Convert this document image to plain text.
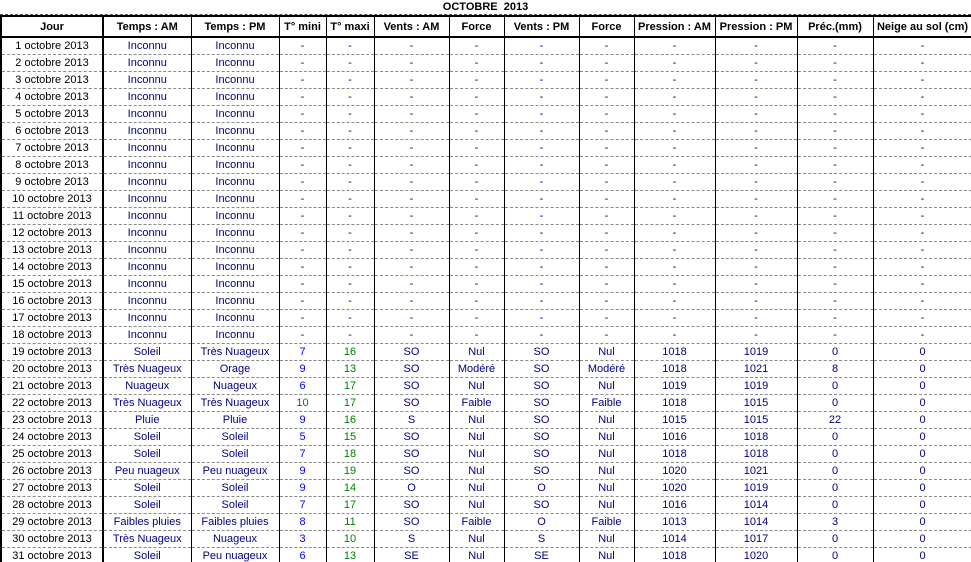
OCTOBRE  2013
Jour	Temps : AM	Temps : PM	T° mini	T° maxi	Vents : AM	Force	Vents : PM	Force	Pression : AM	Pression : PM	Préc.(mm)	Neige au sol (cm)
1 octobre 2013	Inconnu	Inconnu	-	-	-	-	-	-	-	-	-	-
2 octobre 2013	Inconnu	Inconnu	-	-	-	-	-	-	-	-	-	-
3 octobre 2013	Inconnu	Inconnu	-	-	-	-	-	-	-	-	-	-
4 octobre 2013	Inconnu	Inconnu	-	-	-	-	-	-	-	-	-	-
5 octobre 2013	Inconnu	Inconnu	-	-	-	-	-	-	-	-	-	-
6 octobre 2013	Inconnu	Inconnu	-	-	-	-	-	-	-	-	-	-
7 octobre 2013	Inconnu	Inconnu	-	-	-	-	-	-	-	-	-	-
8 octobre 2013	Inconnu	Inconnu	-	-	-	-	-	-	-	-	-	-
9 octobre 2013	Inconnu	Inconnu	-	-	-	-	-	-	-	-	-	-
10 octobre 2013	Inconnu	Inconnu	-	-	-	-	-	-	-	-	-	-
11 octobre 2013	Inconnu	Inconnu	-	-	-	-	-	-	-	-	-	-
12 octobre 2013	Inconnu	Inconnu	-	-	-	-	-	-	-	-	-	-
13 octobre 2013	Inconnu	Inconnu	-	-	-	-	-	-	-	-	-	-
14 octobre 2013	Inconnu	Inconnu	-	-	-	-	-	-	-	-	-	-
15 octobre 2013	Inconnu	Inconnu	-	-	-	-	-	-	-	-	-	-
16 octobre 2013	Inconnu	Inconnu	-	-	-	-	-	-	-	-	-	-
17 octobre 2013	Inconnu	Inconnu	-	-	-	-	-	-	-	-	-	-
18 octobre 2013	Inconnu	Inconnu	-	-	-	-	-	-	-	-	-	-
19 octobre 2013	Soleil	Très Nuageux	7	16	SO	Nul	SO	Nul	1018	1019	0	0
20 octobre 2013	Très Nuageux	Orage	9	13	SO	Modéré	SO	Modéré	1018	1021	8	0
21 octobre 2013	Nuageux	Nuageux	6	17	SO	Nul	SO	Nul	1019	1019	0	0
22 octobre 2013	Très Nuageux	Très Nuageux	10	17	SO	Faible	SO	Faible	1018	1015	0	0
23 octobre 2013	Pluie	Pluie	9	16	S	Nul	SO	Nul	1015	1015	22	0
24 octobre 2013	Soleil	Soleil	5	15	SO	Nul	SO	Nul	1016	1018	0	0
25 octobre 2013	Soleil	Soleil	7	18	SO	Nul	SO	Nul	1018	1018	0	0
26 octobre 2013	Peu nuageux	Peu nuageux	9	19	SO	Nul	SO	Nul	1020	1021	0	0
27 octobre 2013	Soleil	Soleil	9	14	O	Nul	O	Nul	1020	1019	0	0
28 octobre 2013	Soleil	Soleil	7	17	SO	Nul	SO	Nul	1016	1014	0	0
29 octobre 2013	Faibles pluies	Faibles pluies	8	11	SO	Faible	O	Faible	1013	1014	3	0
30 octobre 2013	Très Nuageux	Nuageux	3	10	S	Nul	S	Nul	1014	1017	0	0
31 octobre 2013	Soleil	Peu nuageux	6	13	SE	Nul	SE	Nul	1018	1020	0	0
